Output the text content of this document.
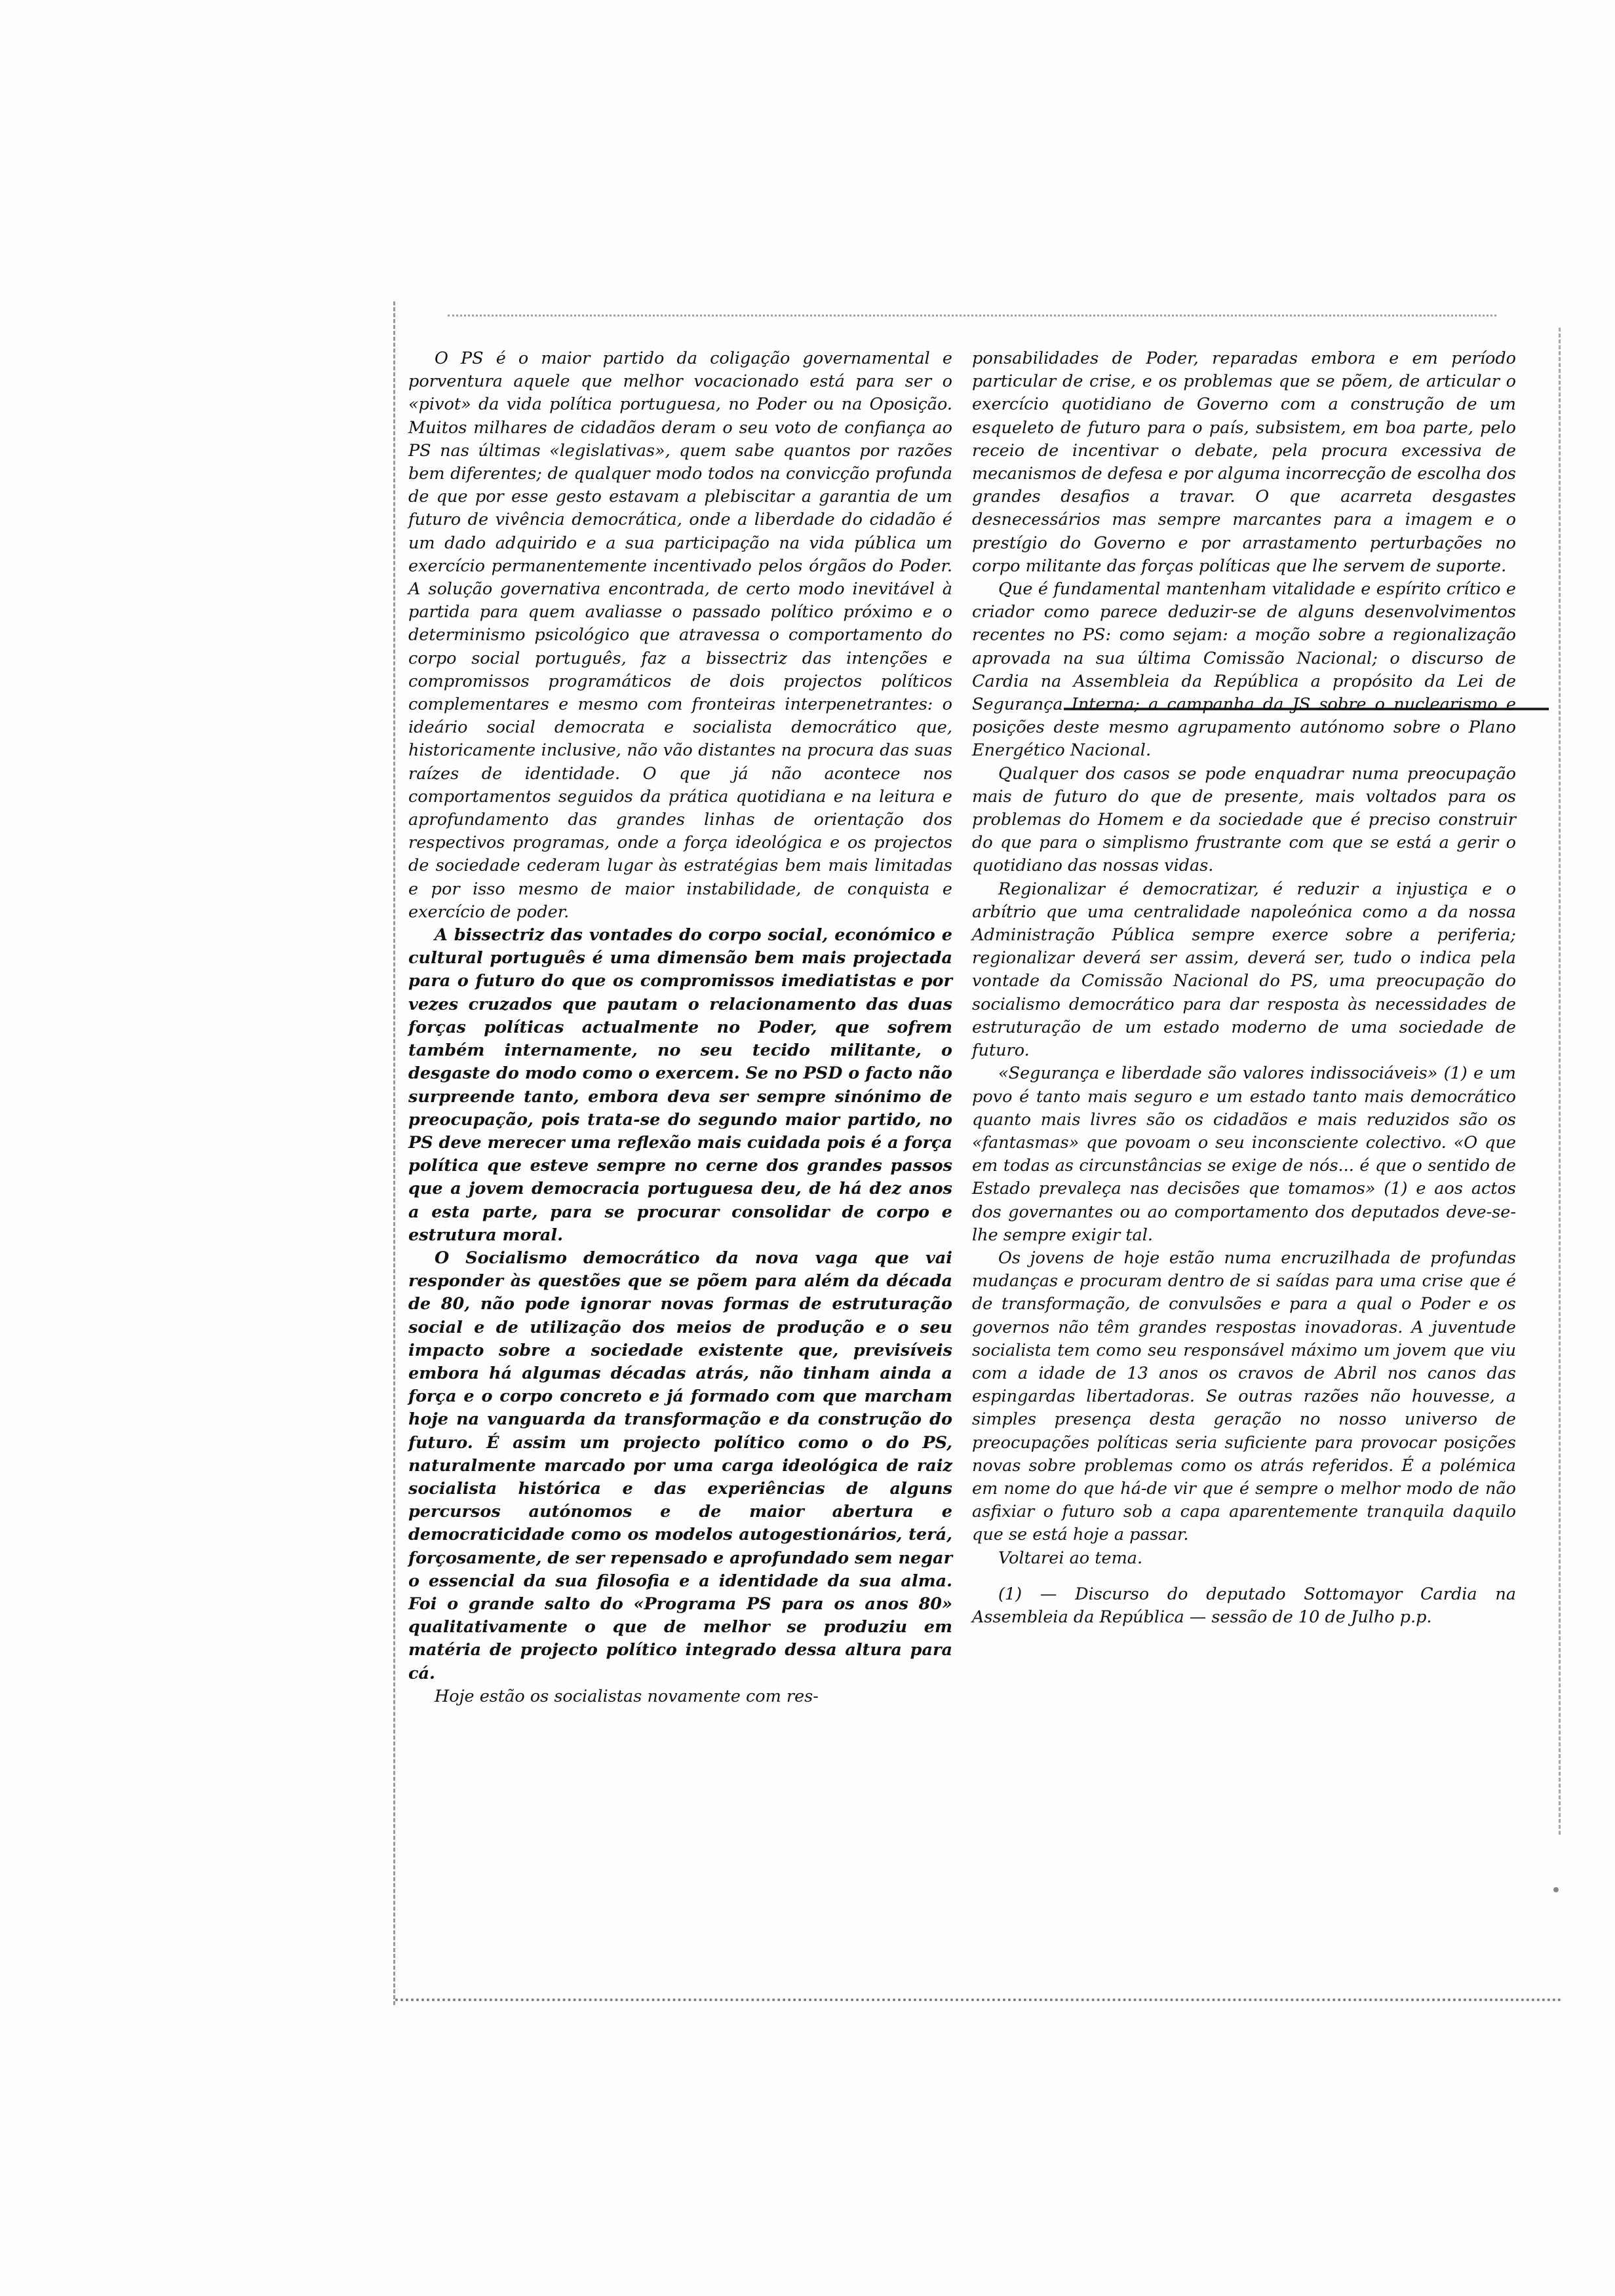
O PS é o maior partido da coligação governamental e porventura aquele que melhor vocacionado está para ser o «pivot» da vida política portuguesa, no Poder ou na Oposição. Muitos milhares de cidadãos deram o seu voto de confiança ao PS nas últimas «legislativas», quem sabe quantos por razões bem diferentes; de qualquer modo todos na convicção profunda de que por esse gesto estavam a plebiscitar a garantia de um futuro de vivência democrática, onde a liberdade do cidadão é um dado adquirido e a sua participação na vida pública um exercício permanentemente incentivado pelos órgãos do Poder. A solução governativa encontrada, de certo modo inevitável à partida para quem avaliasse o passado político próximo e o determinismo psicológico que atravessa o comportamento do corpo social português, faz a bissectriz das intenções e compromissos programáticos de dois projectos políticos complementares e mesmo com fronteiras interpenetrantes: o ideário social democrata e socialista democrático que, historicamente inclusive, não vão distantes na procura das suas raízes de identidade. O que já não acontece nos comportamentos seguidos da prática quotidiana e na leitura e aprofundamento das grandes linhas de orientação dos respectivos programas, onde a força ideológica e os projectos de sociedade cederam lugar às estratégias bem mais limitadas e por isso mesmo de maior instabilidade, de conquista e exercício de poder.

A bissectriz das vontades do corpo social, económico e cultural português é uma dimensão bem mais projectada para o futuro do que os compromissos imediatistas e por vezes cruzados que pautam o relacionamento das duas forças políticas actualmente no Poder, que sofrem também internamente, no seu tecido militante, o desgaste do modo como o exercem. Se no PSD o facto não surpreende tanto, embora deva ser sempre sinónimo de preocupação, pois trata-se do segundo maior partido, no PS deve merecer uma reflexão mais cuidada pois é a força política que esteve sempre no cerne dos grandes passos que a jovem democracia portuguesa deu, de há dez anos a esta parte, para se procurar consolidar de corpo e estrutura moral.

O Socialismo democrático da nova vaga que vai responder às questões que se põem para além da década de 80, não pode ignorar novas formas de estruturação social e de utilização dos meios de produção e o seu impacto sobre a sociedade existente que, previsíveis embora há algumas décadas atrás, não tinham ainda a força e o corpo concreto e já formado com que marcham hoje na vanguarda da transformação e da construção do futuro. É assim um projecto político como o do PS, naturalmente marcado por uma carga ideológica de raiz socialista histórica e das experiências de alguns percursos autónomos e de maior abertura e democraticidade como os modelos autogestionários, terá, forçosamente, de ser repensado e aprofundado sem negar o essencial da sua filosofia e a identidade da sua alma. Foi o grande salto do «Programa PS para os anos 80» qualitativamente o que de melhor se produziu em matéria de projecto político integrado dessa altura para cá.

Hoje estão os socialistas novamente com res-

ponsabilidades de Poder, reparadas embora e em período particular de crise, e os problemas que se põem, de articular o exercício quotidiano de Governo com a construção de um esqueleto de futuro para o país, subsistem, em boa parte, pelo receio de incentivar o debate, pela procura excessiva de mecanismos de defesa e por alguma incorrecção de escolha dos grandes desafios a travar. O que acarreta desgastes desnecessários mas sempre marcantes para a imagem e o prestígio do Governo e por arrastamento perturbações no corpo militante das forças políticas que lhe servem de suporte.

Que é fundamental mantenham vitalidade e espírito crítico e criador como parece deduzir-se de alguns desenvolvimentos recentes no PS: como sejam: a moção sobre a regionalização aprovada na sua última Comissão Nacional; o discurso de Cardia na Assembleia da República a propósito da Lei de Segurança Interna; a campanha da JS sobre o nuclearismo e posições deste mesmo agrupamento autónomo sobre o Plano Energético Nacional.

Qualquer dos casos se pode enquadrar numa preocupação mais de futuro do que de presente, mais voltados para os problemas do Homem e da sociedade que é preciso construir do que para o simplismo frustrante com que se está a gerir o quotidiano das nossas vidas.

Regionalizar é democratizar, é reduzir a injustiça e o arbítrio que uma centralidade napoleónica como a da nossa Administração Pública sempre exerce sobre a periferia; regionalizar deverá ser assim, deverá ser, tudo o indica pela vontade da Comissão Nacional do PS, uma preocupação do socialismo democrático para dar resposta às necessidades de estruturação de um estado moderno de uma sociedade de futuro.

«Segurança e liberdade são valores indissociáveis» (1) e um povo é tanto mais seguro e um estado tanto mais democrático quanto mais livres são os cidadãos e mais reduzidos são os «fantasmas» que povoam o seu inconsciente colectivo. «O que em todas as circunstâncias se exige de nós... é que o sentido de Estado prevaleça nas decisões que tomamos» (1) e aos actos dos governantes ou ao comportamento dos deputados deve-se-lhe sempre exigir tal.

Os jovens de hoje estão numa encruzilhada de profundas mudanças e procuram dentro de si saídas para uma crise que é de transformação, de convulsões e para a qual o Poder e os governos não têm grandes respostas inovadoras. A juventude socialista tem como seu responsável máximo um jovem que viu com a idade de 13 anos os cravos de Abril nos canos das espingardas libertadoras. Se outras razões não houvesse, a simples presença desta geração no nosso universo de preocupações políticas seria suficiente para provocar posições novas sobre problemas como os atrás referidos. É a polémica em nome do que há-de vir que é sempre o melhor modo de não asfixiar o futuro sob a capa aparentemente tranquila daquilo que se está hoje a passar.

Voltarei ao tema.

(1) — Discurso do deputado Sottomayor Cardia na Assembleia da República — sessão de 10 de Julho p.p.
